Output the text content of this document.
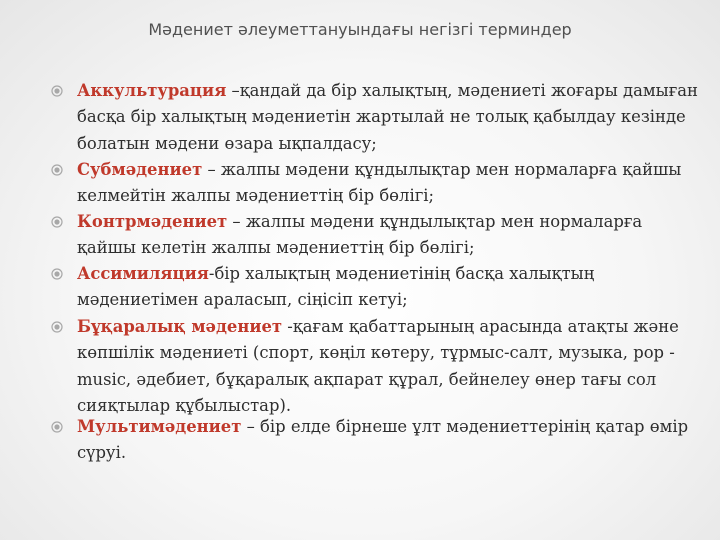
Мәдениет әлеуметтануындағы негізгі терминдер

Аккультурация –қандай да бір халықтың, мәдениеті жоғары дамыған басқа бір халықтың мәдениетін жартылай не толық қабылдау кезінде болатын мәдени өзара ықпалдасу;

Субмәдениет – жалпы мәдени құндылықтар мен нормаларға қайшы келмейтін жалпы мәдениеттің бір бөлігі;

Контрмәдениет – жалпы мәдени құндылықтар мен нормаларға қайшы келетін жалпы мәдениеттің бір бөлігі;

Ассимиляция-бір халықтың мәдениетінің басқа халықтың мәдениетімен араласып, сіңісіп кетуі;

Бұқаралық мәдениет -қағам қабаттарының арасында атақты және көпшілік мәдениеті (спорт, көңіл көтеру, тұрмыс-салт, музыка, рор -music, әдебиет, бұқаралық ақпарат құрал, бейнелеу өнер тағы сол сияқтылар құбылыстар).

Мультимәдениет – бір елде бірнеше ұлт мәдениеттерінің қатар өмір сүруі.
